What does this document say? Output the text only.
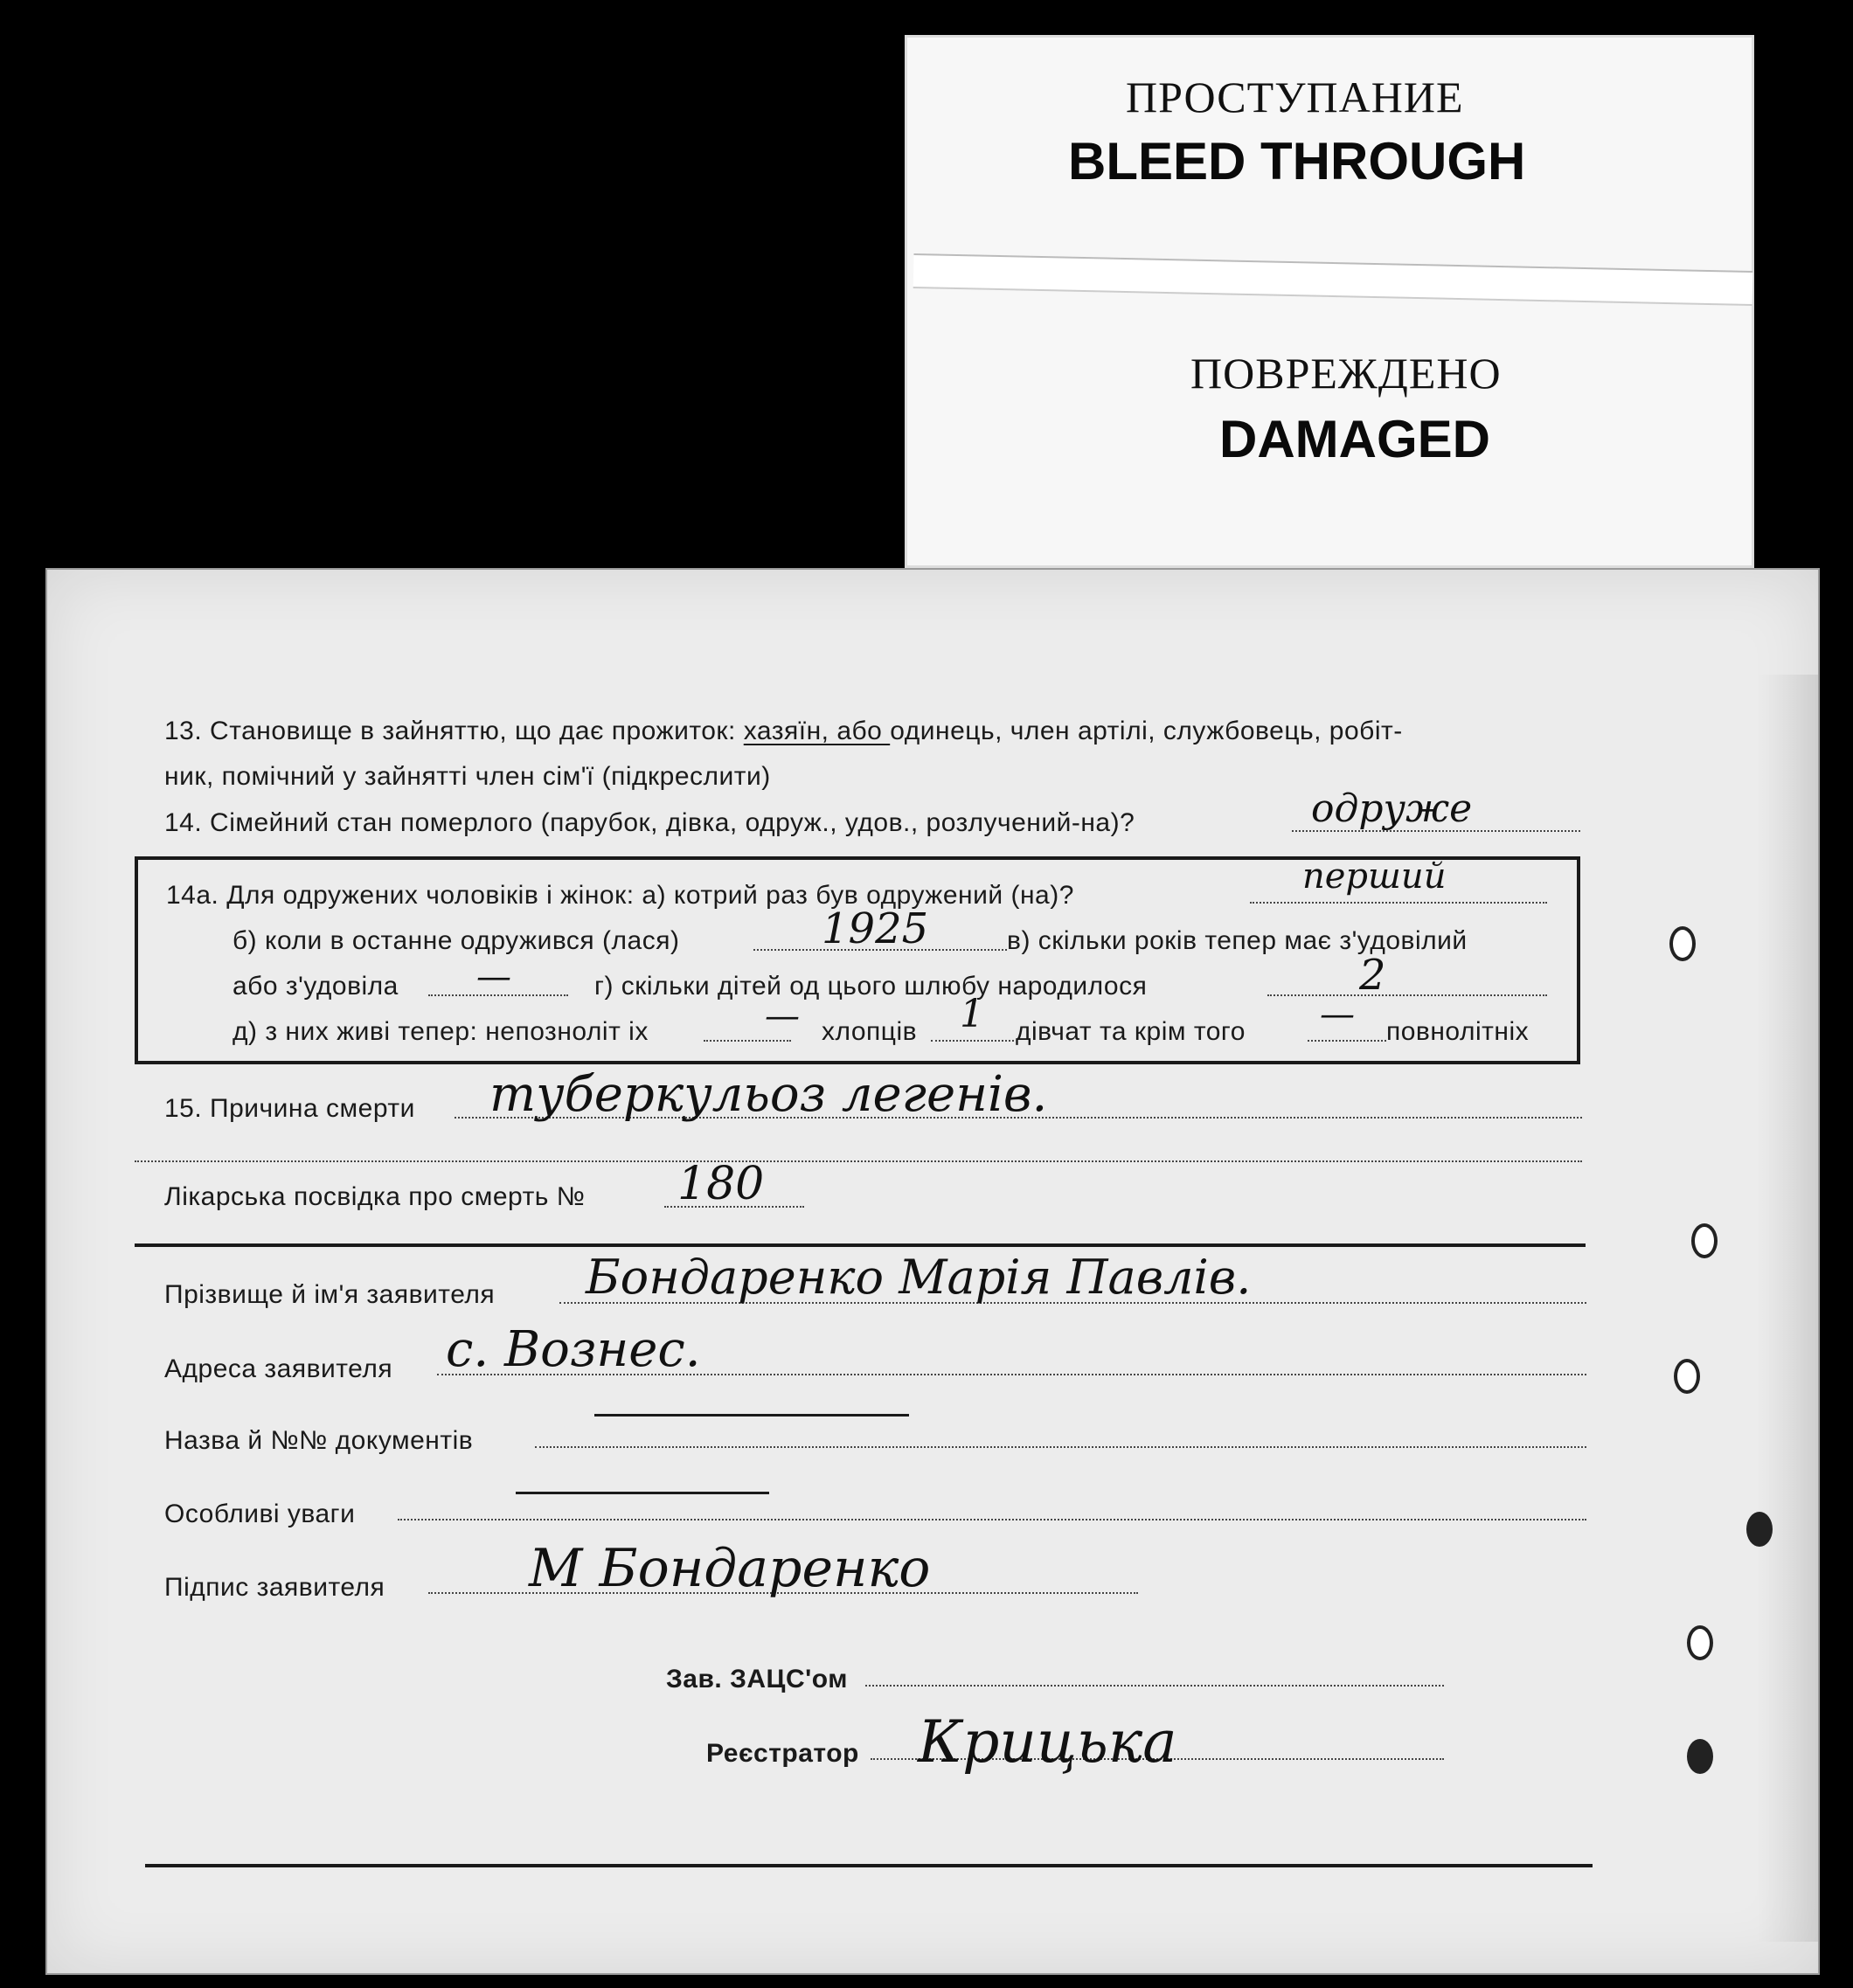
ПРОСТУПАНИЕ
BLEED THROUGH
ПОВРЕЖДЕНО
DAMAGED
13. Становище в зайняттю, що дає прожиток: хазяїн, або одинець, член артілі, службовець, робіт-
ник, помічний у зайнятті член сім'ї (підкреслити)
14. Сімейний стан померлого (парубок, дівка, одруж., удов., розлучений-на)?	одруже
14а. Для одружених чоловіків і жінок: а) котрий раз був одружений (на)?	перший
б) коли в останне одружився (лася)	1925	в) скільки років тепер має з'удовілий
або з'удовіла —	г) скільки дітей од цього шлюбу народилося	2
д) з них живі тепер: непозноліт іх	— хлопців 1 дівчат та крім того — повнолітніх
15. Причина смерти туберкульоз легенів.
Лікарська посвідка про смерть № 180
Прізвище й ім'я заявителя Бондаренко Марія Павлів.
Адреса заявителя с. Вознес.
Назва й №№ документів
Особливі уваги
Підпис заявителя	М Бондаренко
Зав. ЗАЦС'ом
Реєстратор Крицька
